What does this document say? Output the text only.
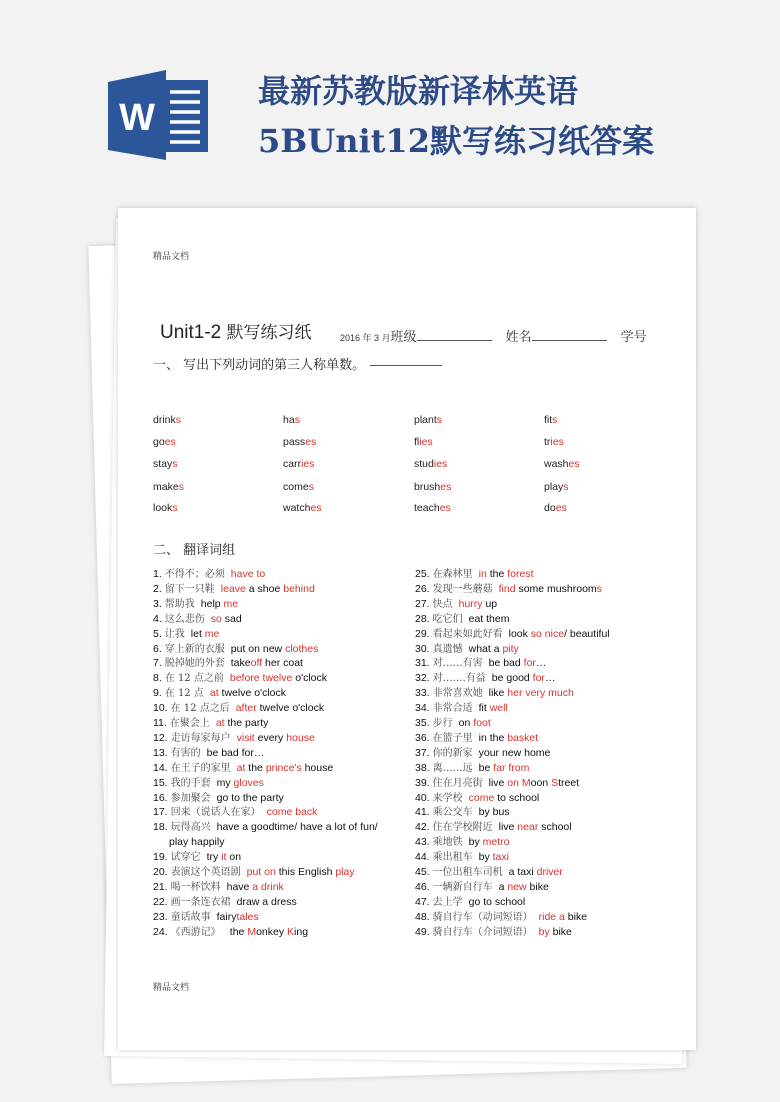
W
最新苏教版新译林英语5BUnit12默写练习纸答案
精品文档
Unit1-2 默写练习纸	2016 年 3 月班级	姓名	学号
一、 写出下列动词的第三人称单数。
二、 翻译词组
drinks	has	plants	fits
goes	passes	flies	tries
stays	carries	studies	washes
makes	comes	brushes	plays
looks	watches	teaches	does
1. 不得不；必须 have to
2. 留下一只鞋 leave a shoe behind
3. 帮助我 help me
4. 这么悲伤 so sad
5. 让我 let me
6. 穿上新的衣服 put on new clothes
7. 脱掉她的外套 takeoff her coat
8. 在 12 点之前 before twelve o'clock
9. 在 12 点 at twelve o'clock
10. 在 12 点之后 after twelve o'clock
11. 在聚会上 at the party
12. 走访每家每户 visit every house
13. 有害的 be bad for…
14. 在王子的家里 at the prince's house
15. 我的手套 my gloves
16. 参加聚会 go to the party
17. 回来（说话人在家） come back
18. 玩得高兴 have a goodtime/ have a lot of fun/
play happily
19. 试穿它 try it on
20. 表演这个英语剧 put on this English play
21. 喝一杯饮料 have a drink
22. 画一条连衣裙 draw a dress
23. 童话故事 fairytales
24. 《西游记》 the Monkey King
25. 在森林里 in the forest
26. 发现一些蘑菇 find some mushrooms
27. 快点 hurry up
28. 吃它们 eat them
29. 看起来如此好看 look so nice/ beautiful
30. 真遗憾 what a pity
31. 对……有害 be bad for…
32. 对…….有益 be good for…
33. 非常喜欢她 like her very much
34. 非常合适 fit well
35. 步行 on foot
36. 在篮子里 in the basket
37. 你的新家 your new home
38. 离……远 be far from
39. 住在月亮街 live on Moon Street
40. 来学校 come to school
41. 乘公交车 by bus
42. 住在学校附近 live near school
43. 乘地铁 by metro
44. 乘出租车 by taxi
45. 一位出租车司机 a taxi driver
46. 一辆新自行车 a new bike
47. 去上学 go to school
48. 骑自行车（动词短语） ride a bike
49. 骑自行车（介词短语） by bike
精品文档
